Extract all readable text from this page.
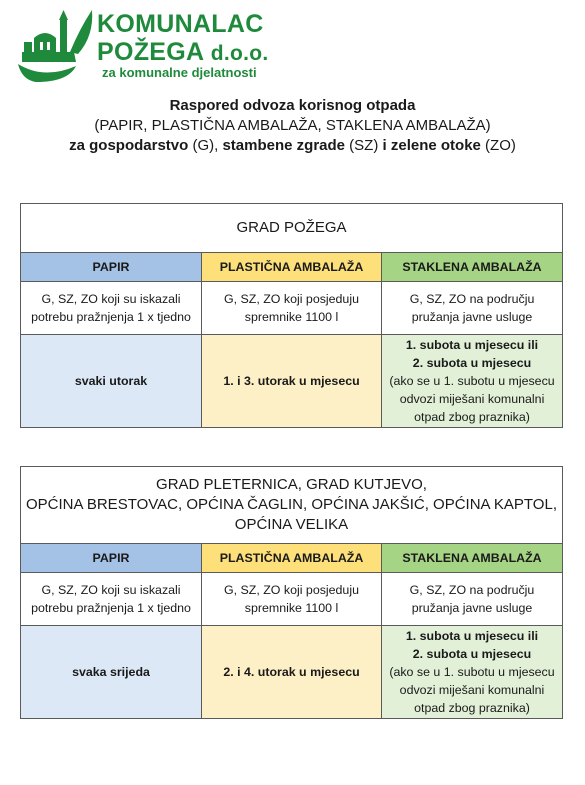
KOMUNALAC
POŽEGA d.o.o.
za komunalne djelatnosti
Raspored odvoza korisnog otpada
(PAPIR, PLASTIČNA AMBALAŽA, STAKLENA AMBALAŽA)
za gospodarstvo (G), stambene zgrade (SZ) i zelene otoke (ZO)
GRAD POŽEGA		
PAPIR	PLASTIČNA AMBALAŽA	STAKLENA AMBALAŽA
G, SZ, ZO koji su iskazali potrebu pražnjenja 1 x tjedno	G, SZ, ZO koji posjeduju spremnike 1100 l	G, SZ, ZO na području pružanja javne usluge
svaki utorak	1. i 3. utorak u mjesecu	1. subota u mjesecu ili
2. subota u mjesecu
(ako se u 1. subotu u mjesecu odvozi miješani komunalni otpad zbog praznika)
GRAD PLETERNICA, GRAD KUTJEVO,
OPĆINA BRESTOVAC, OPĆINA ČAGLIN, OPĆINA JAKŠIĆ, OPĆINA KAPTOL,
OPĆINA VELIKA		

PAPIR	PLASTIČNA AMBALAŽA	STAKLENA AMBALAŽA
G, SZ, ZO koji su iskazali potrebu pražnjenja 1 x tjedno	G, SZ, ZO koji posjeduju spremnike 1100 l	G, SZ, ZO na području pružanja javne usluge
svaka srijeda	2. i 4. utorak u mjesecu	1. subota u mjesecu ili
2. subota u mjesecu
(ako se u 1. subotu u mjesecu odvozi miješani komunalni otpad zbog praznika)
